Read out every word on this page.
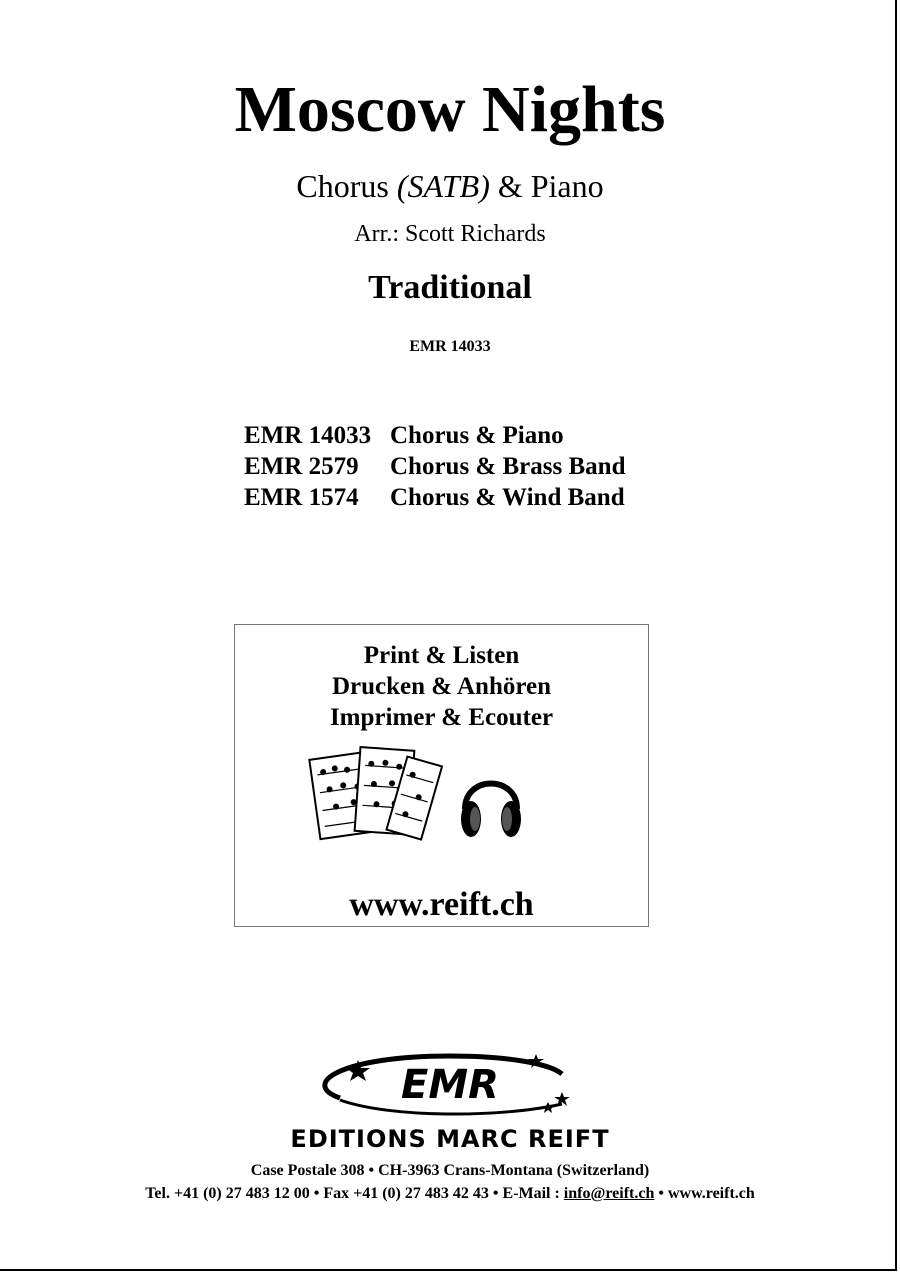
Moscow Nights
Chorus (SATB) & Piano
Arr.: Scott Richards
Traditional
EMR 14033
EMR 14033 Chorus & Piano
EMR 2579	Chorus & Brass Band
EMR 1574	Chorus & Wind Band
Print & Listen
Drucken & Anhören
Imprimer & Ecouter
www.reift.ch
EMR
EDITIONS MARC REIFT
Case Postale 308 • CH-3963 Crans-Montana (Switzerland)
Tel. +41 (0) 27 483 12 00 • Fax +41 (0) 27 483 42 43 • E-Mail : info@reift.ch • www.reift.ch
